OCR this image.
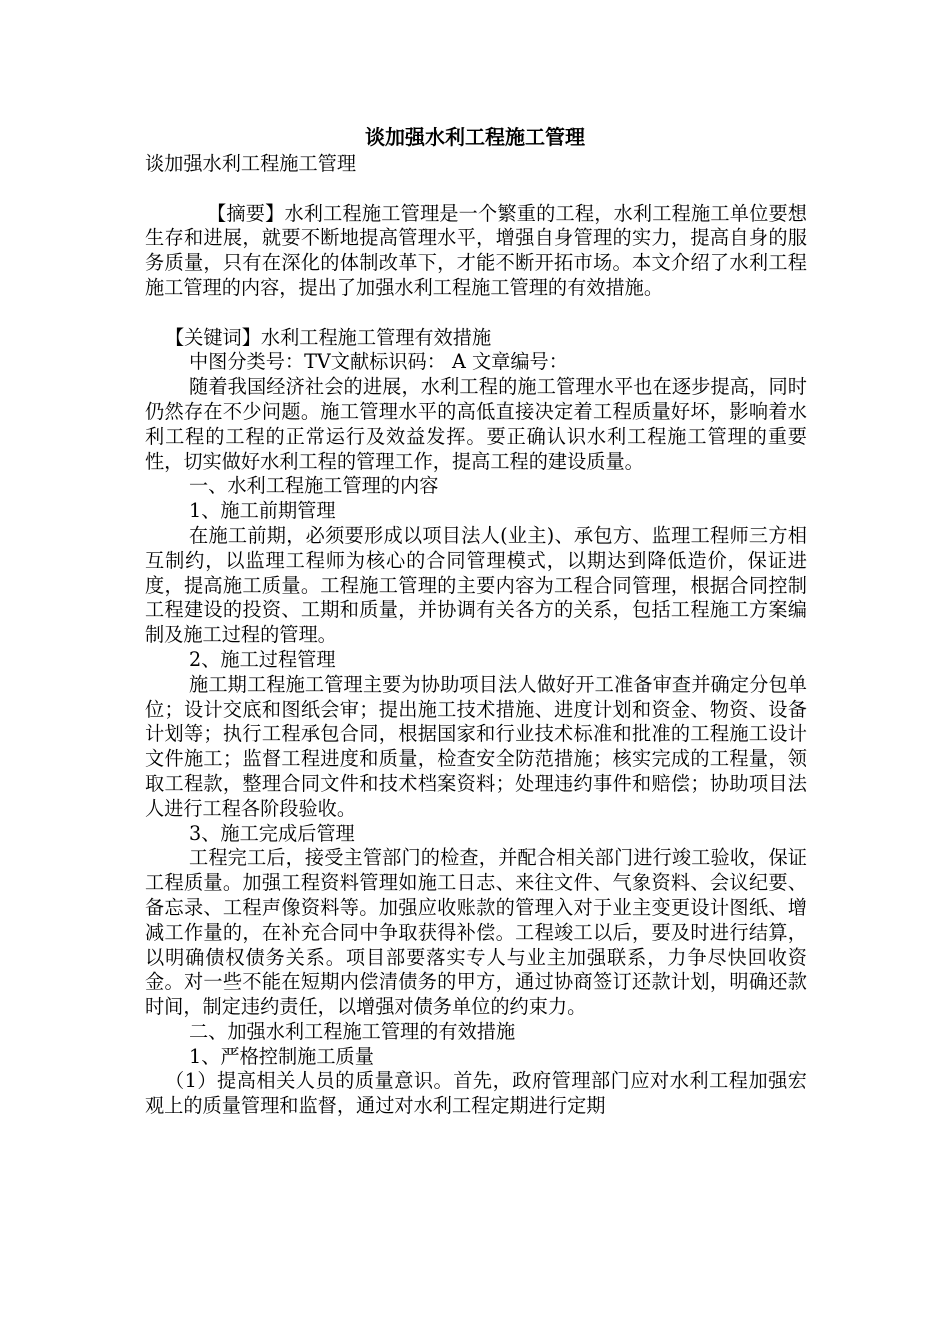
谈加强水利工程施工管理

谈加强水利工程施工管理

【摘要】水利工程施工管理是一个繁重的工程，水利工程施工单位要想生存和进展，就要不断地提高管理水平，增强自身管理的实力，提高自身的服务质量，只有在深化的体制改革下，才能不断开拓市场。本文介绍了水利工程施工管理的内容，提出了加强水利工程施工管理的有效措施。

【关键词】水利工程施工管理有效措施

中图分类号：TV文献标识码： A 文章编号：

随着我国经济社会的进展，水利工程的施工管理水平也在逐步提高，同时仍然存在不少问题。施工管理水平的高低直接决定着工程质量好坏，影响着水利工程的工程的正常运行及效益发挥。要正确认识水利工程施工管理的重要性，切实做好水利工程的管理工作，提高工程的建设质量。

一、水利工程施工管理的内容

1、施工前期管理

在施工前期，必须要形成以项目法人(业主)、承包方、监理工程师三方相互制约，以监理工程师为核心的合同管理模式，以期达到降低造价，保证进度，提高施工质量。工程施工管理的主要内容为工程合同管理，根据合同控制工程建设的投资、工期和质量，并协调有关各方的关系，包括工程施工方案编制及施工过程的管理。

2、施工过程管理

施工期工程施工管理主要为协助项目法人做好开工准备审查并确定分包单位；设计交底和图纸会审；提出施工技术措施、进度计划和资金、物资、设备计划等；执行工程承包合同，根据国家和行业技术标准和批准的工程施工设计文件施工；监督工程进度和质量，检查安全防范措施；核实完成的工程量，领取工程款，整理合同文件和技术档案资料；处理违约事件和赔偿；协助项目法人进行工程各阶段验收。

3、施工完成后管理

工程完工后，接受主管部门的检查，并配合相关部门进行竣工验收，保证工程质量。加强工程资料管理如施工日志、来往文件、气象资料、会议纪要、备忘录、工程声像资料等。加强应收账款的管理入对于业主变更设计图纸、增减工作量的，在补充合同中争取获得补偿。工程竣工以后，要及时进行结算，以明确债权债务关系。项目部要落实专人与业主加强联系，力争尽快回收资金。对一些不能在短期内偿清债务的甲方，通过协商签订还款计划，明确还款时间，制定违约责任，以增强对债务单位的约束力。

二、加强水利工程施工管理的有效措施

1、严格控制施工质量

（1）提高相关人员的质量意识。首先，政府管理部门应对水利工程加强宏观上的质量管理和监督，通过对水利工程定期进行定期
